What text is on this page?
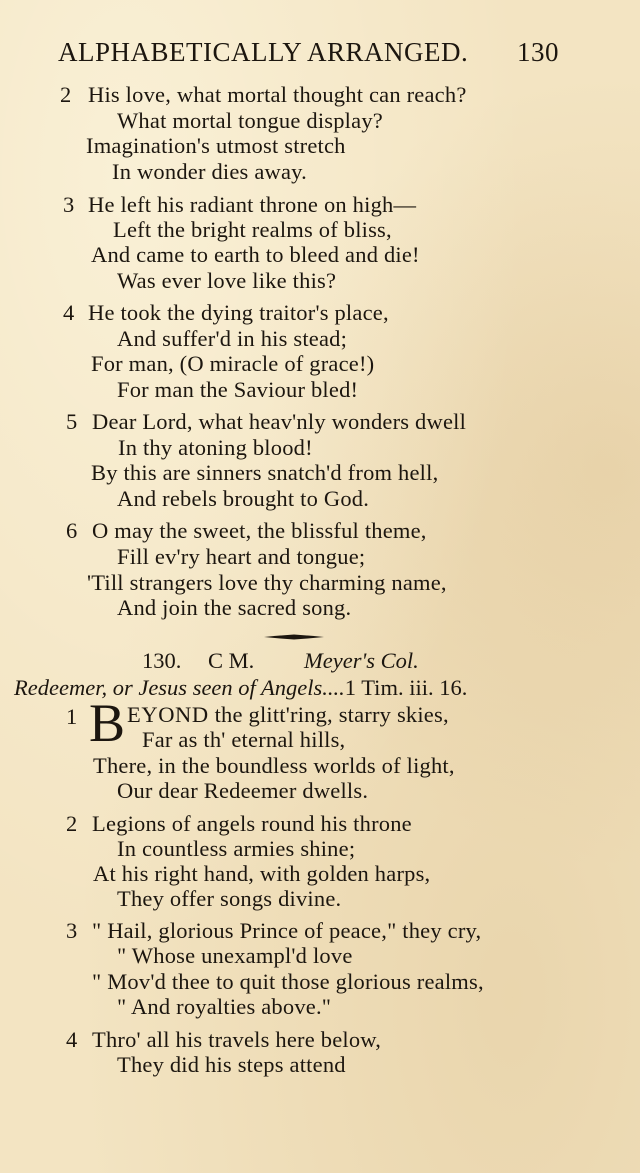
ALPHABETICALLY ARRANGED. 130
2 His love, what mortal thought can reach?
What mortal tongue display?
Imagination's utmost stretch
In wonder dies away.
3 He left his radiant throne on high—
Left the bright realms of bliss,
And came to earth to bleed and die!
Was ever love like this?
4 He took the dying traitor's place,
And suffer'd in his stead;
For man, (O miracle of grace!)
For man the Saviour bled!
5 Dear Lord, what heav'nly wonders dwell
In thy atoning blood!
By this are sinners snatch'd from hell,
And rebels brought to God.
6 O may the sweet, the blissful theme,
Fill ev'ry heart and tongue;
'Till strangers love thy charming name,
And join the sacred song.
130. C M. Meyer's Col.
Redeemer, or Jesus seen of Angels....1 Tim. iii. 16.
1 B EYOND the glitt'ring, starry skies,
Far as th' eternal hills,
There, in the boundless worlds of light,
Our dear Redeemer dwells.
2 Legions of angels round his throne
In countless armies shine;
At his right hand, with golden harps,
They offer songs divine.
3 " Hail, glorious Prince of peace," they cry,
" Whose unexampl'd love
" Mov'd thee to quit those glorious realms,
" And royalties above."
4 Thro' all his travels here below,
They did his steps attend
